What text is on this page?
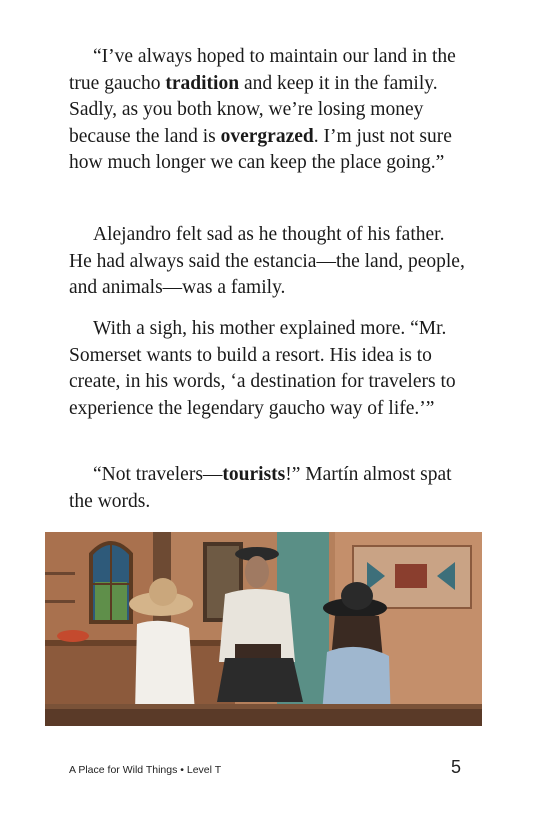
“I’ve always hoped to maintain our land in the true gaucho tradition and keep it in the family. Sadly, as you both know, we’re losing money because the land is overgrazed. I’m just not sure how much longer we can keep the place going.”

Alejandro felt sad as he thought of his father. He had always said the estancia—the land, people, and animals—was a family.

With a sigh, his mother explained more. “Mr. Somerset wants to build a resort. His idea is to create, in his words, ‘a destination for travelers to experience the legendary gaucho way of life.’”

“Not travelers—tourists!” Martín almost spat the words.

A Place for Wild Things • Level T	5
